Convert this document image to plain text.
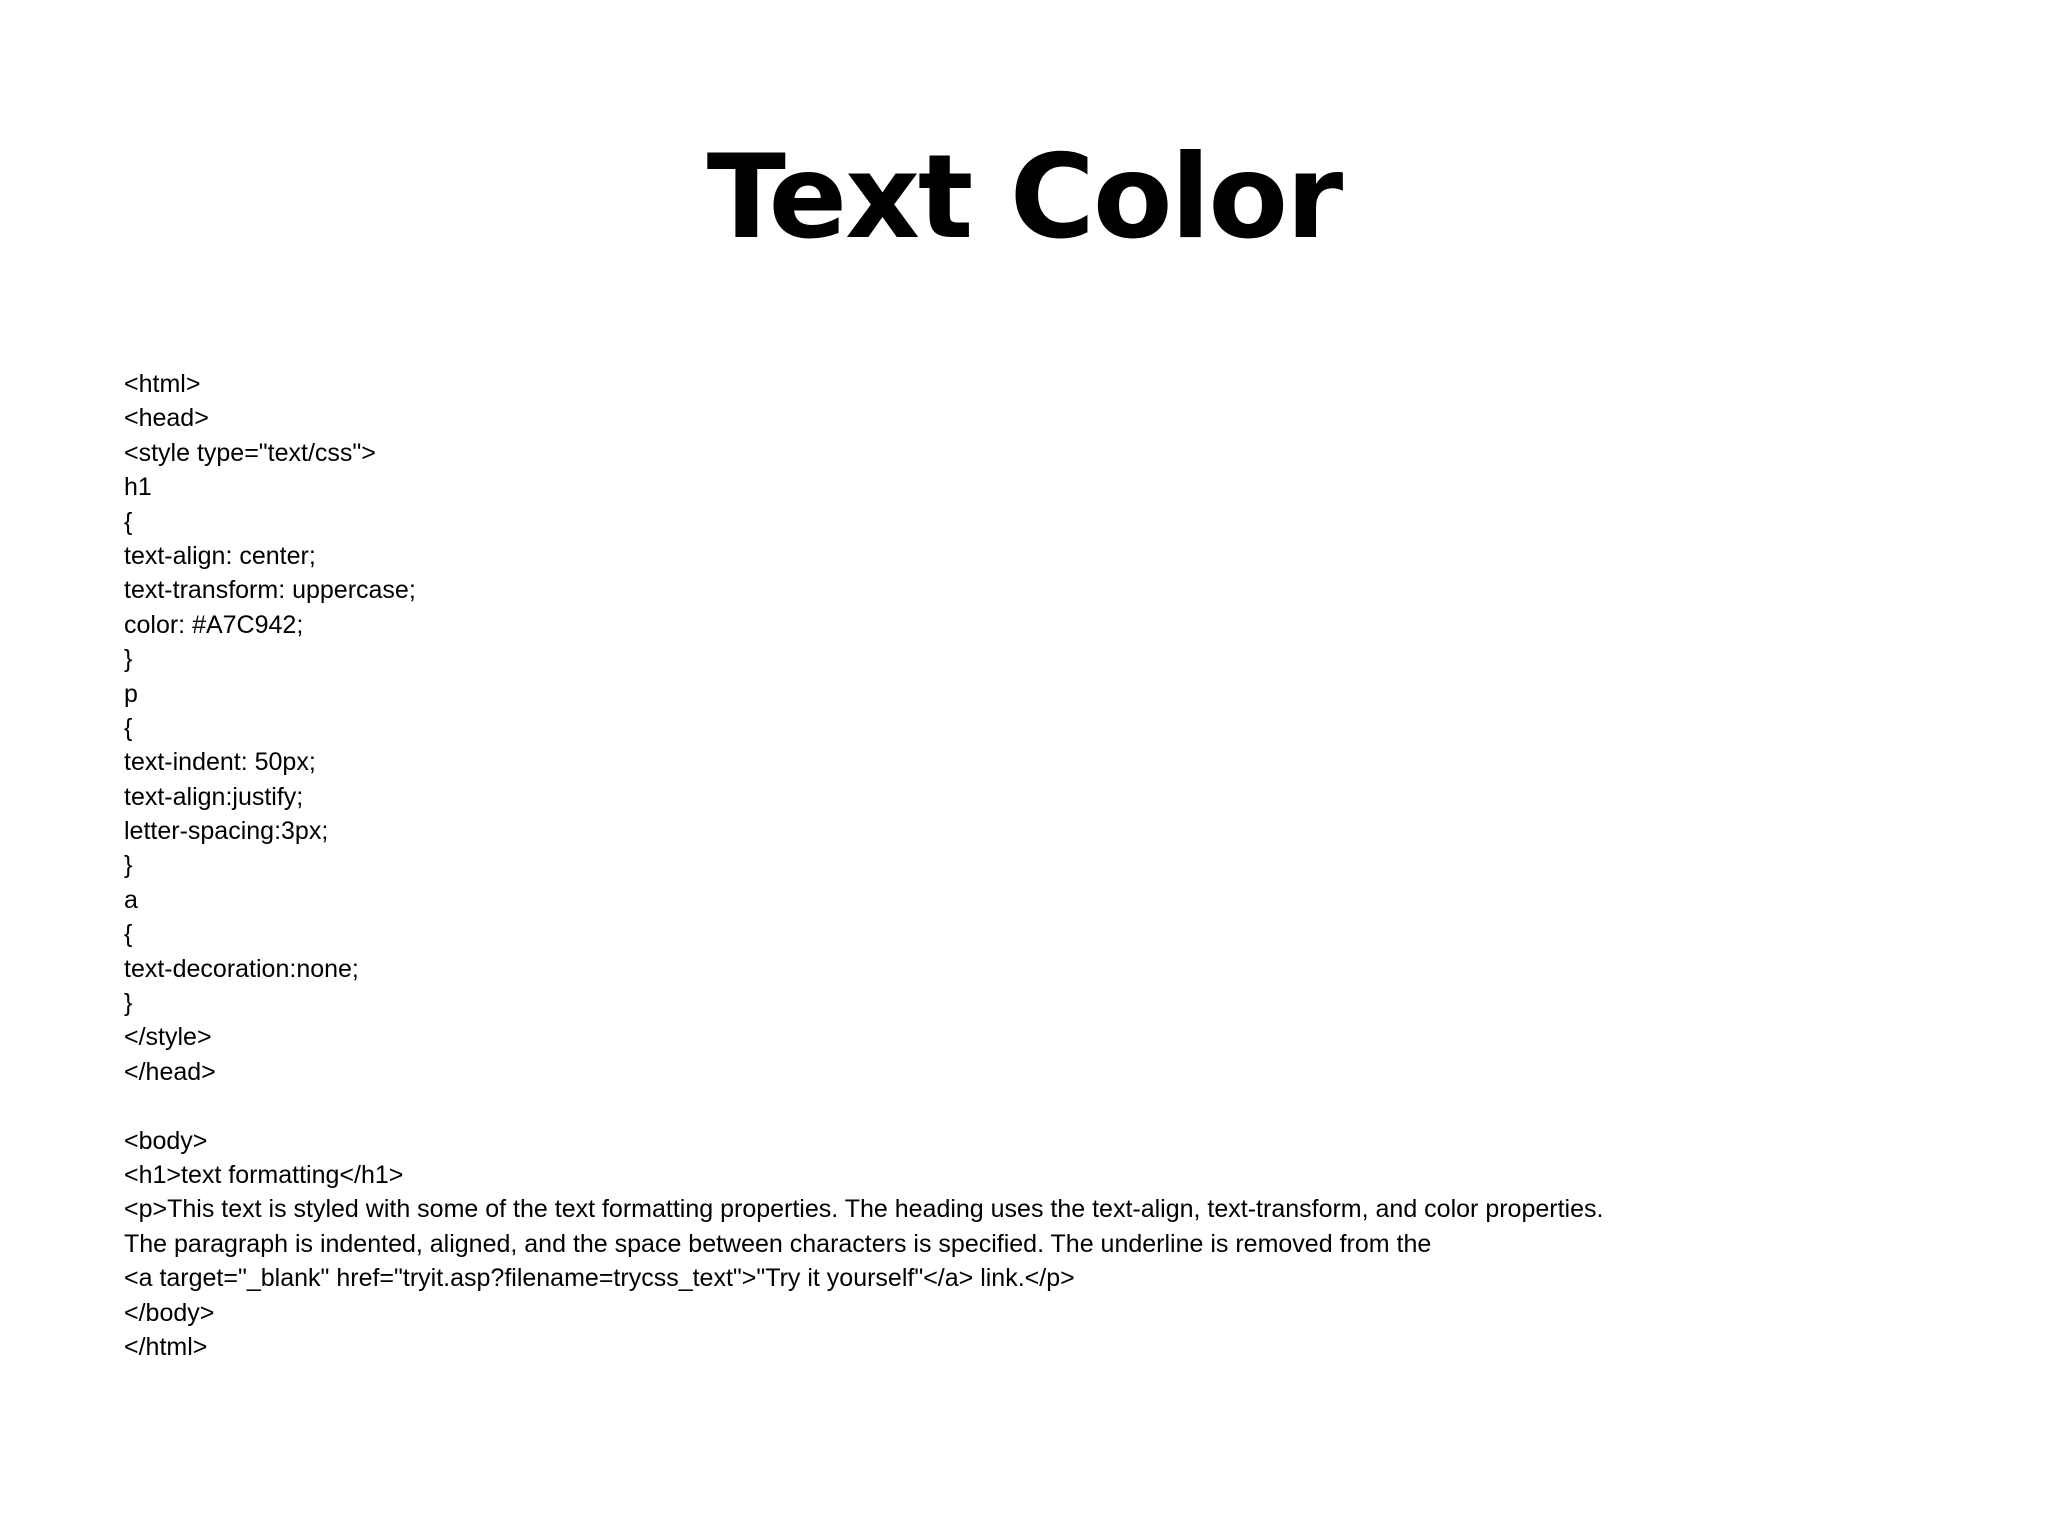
Text Color
<html>
<head>
<style type="text/css">
h1
{
text-align: center;
text-transform: uppercase;
color: #A7C942;
}
p
{
text-indent: 50px;
text-align:justify;
letter-spacing:3px;
}
a
{
text-decoration:none;
}
</style>
</head>
<body>
<h1>text formatting</h1>
<p>This text is styled with some of the text formatting properties. The heading uses the text-align, text-transform, and color properties.
The paragraph is indented, aligned, and the space between characters is specified. The underline is removed from the
<a target="_blank" href="tryit.asp?filename=trycss_text">"Try it yourself"</a> link.</p>
</body>
</html>
